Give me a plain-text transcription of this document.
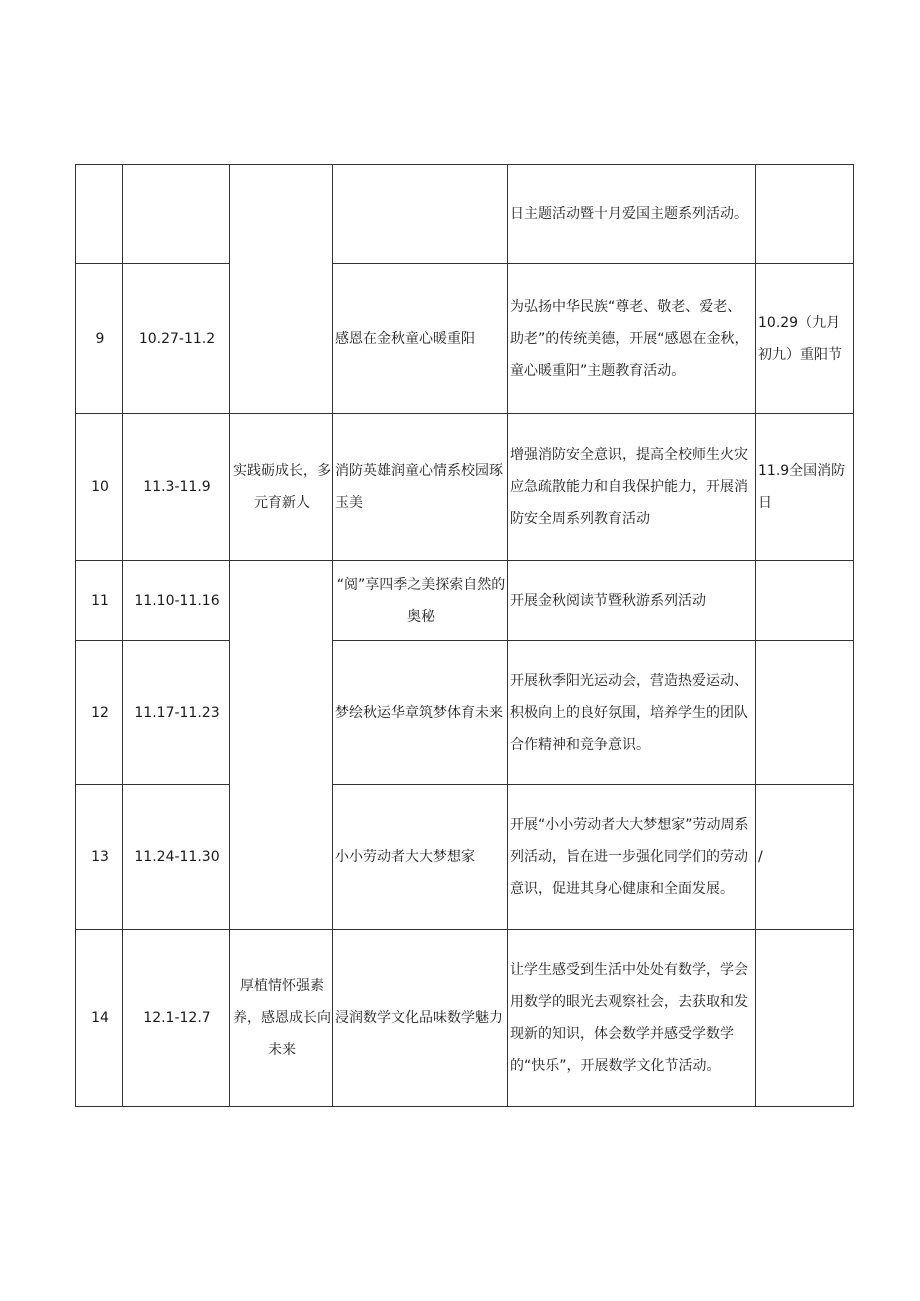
				日主题活动暨十月爱国主题系列活动。	
9	10.27-11.2		感恩在金秋童心暖重阳	为弘扬中华民族“尊老、敬老、爱老、助老”的传统美德，开展“感恩在金秋，童心暖重阳”主题教育活动。	10.29（九月初九）重阳节
10	11.3-11.9	实践砺成长，多元育新人	消防英雄润童心情系校园琢玉美	增强消防安全意识，提高全校师生火灾应急疏散能力和自我保护能力，开展消防安全周系列教育活动	11.9全国消防日
11	11.10-11.16		“阅”享四季之美探索自然的奥秘	开展金秋阅读节暨秋游系列活动	
12	11.17-11.23		梦绘秋运华章筑梦体育未来	开展秋季阳光运动会，营造热爱运动、积极向上的良好氛围，培养学生的团队合作精神和竞争意识。	
13	11.24-11.30		小小劳动者大大梦想家	开展“小小劳动者大大梦想家”劳动周系列活动，旨在进一步强化同学们的劳动意识，促进其身心健康和全面发展。	/
14	12.1-12.7	厚植情怀强素养，感恩成长向未来	浸润数学文化品味数学魅力	让学生感受到生活中处处有数学，学会用数学的眼光去观察社会，去获取和发现新的知识，体会数学并感受学数学的“快乐”，开展数学文化节活动。	
